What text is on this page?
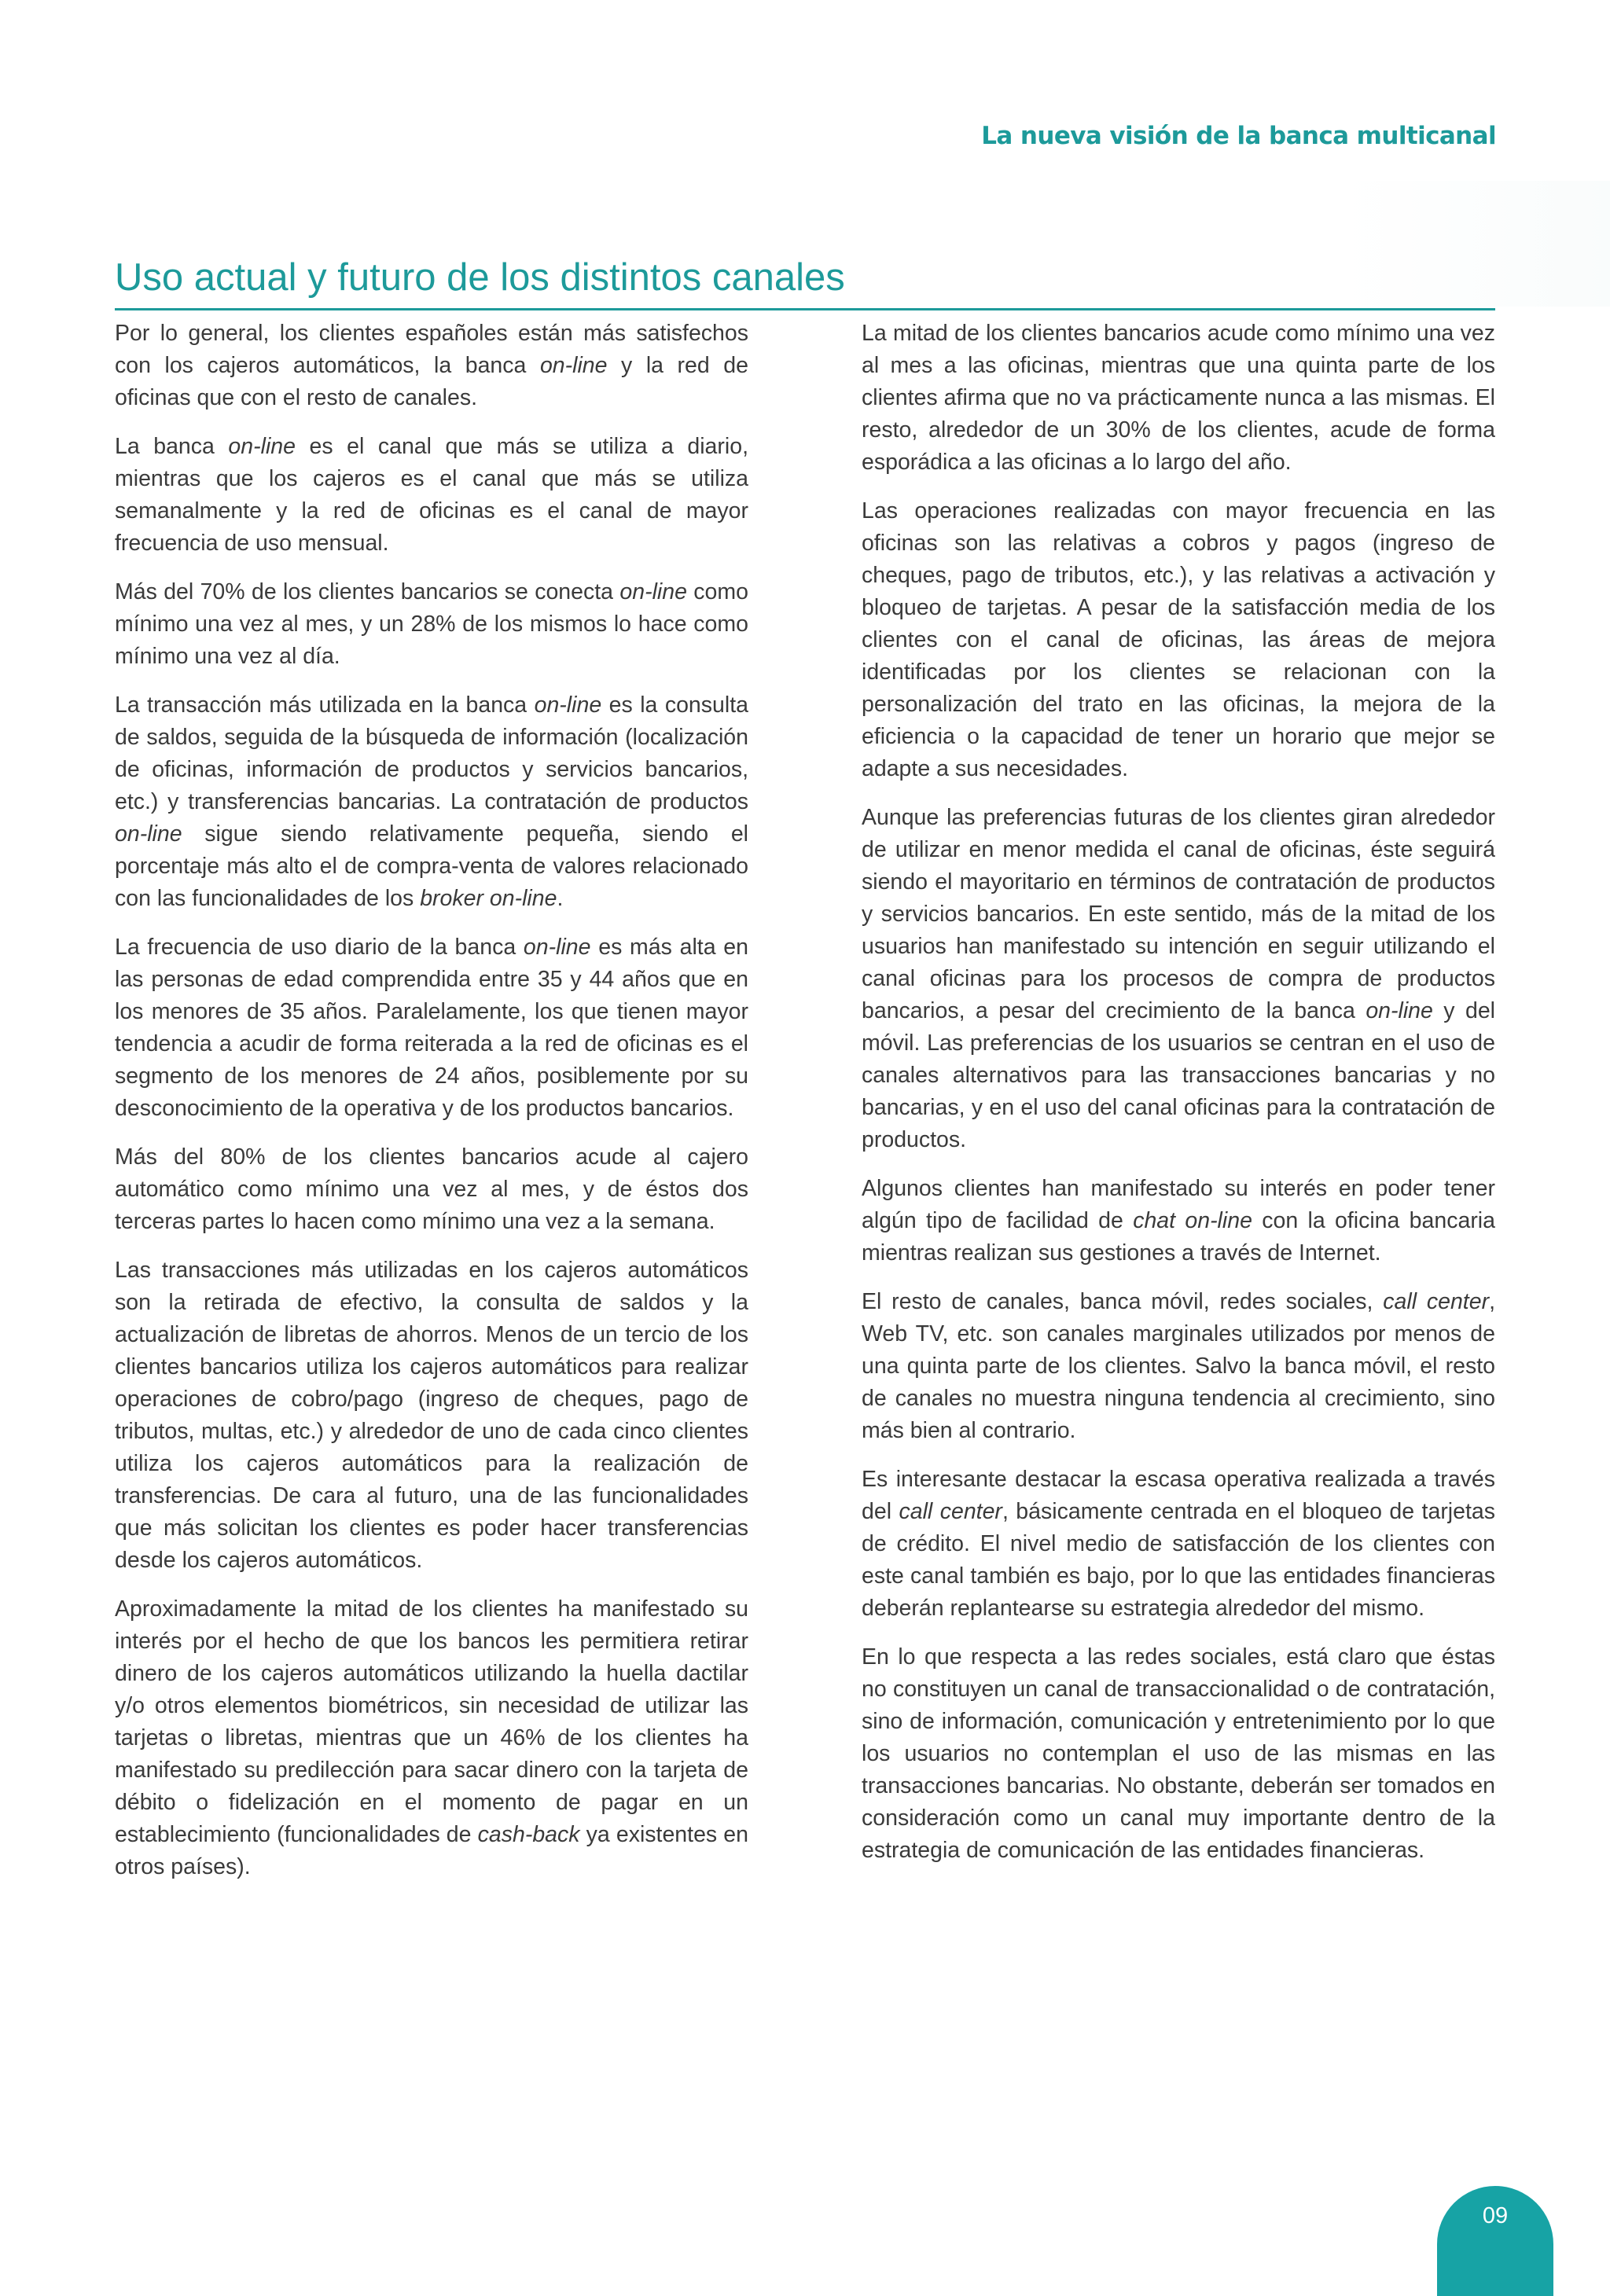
La nueva visión de la banca multicanal
Uso actual y futuro de los distintos canales

Por lo general, los clientes españoles están más satisfechos con los cajeros automáticos, la banca on-line y la red de oficinas que con el resto de canales.

La banca on-line es el canal que más se utiliza a diario, mientras que los cajeros es el canal que más se utiliza semanalmente y la red de oficinas es el canal de mayor frecuencia de uso mensual.

Más del 70% de los clientes bancarios se conecta on-line como mínimo una vez al mes, y un 28% de los mismos lo hace como mínimo una vez al día.

La transacción más utilizada en la banca on-line es la consulta de saldos, seguida de la búsqueda de información (localización de oficinas, información de productos y servicios bancarios, etc.) y transferencias bancarias. La contratación de productos on-line sigue siendo relativamente pequeña, siendo el porcentaje más alto el de compra-venta de valores relacionado con las funcionalidades de los broker on-line.

La frecuencia de uso diario de la banca on-line es más alta en las personas de edad comprendida entre 35 y 44 años que en los menores de 35 años. Paralelamente, los que tienen mayor tendencia a acudir de forma reiterada a la red de oficinas es el segmento de los menores de 24 años, posiblemente por su desconocimiento de la operativa y de los productos bancarios.

Más del 80% de los clientes bancarios acude al cajero automático como mínimo una vez al mes, y de éstos dos terceras partes lo hacen como mínimo una vez a la semana.

Las transacciones más utilizadas en los cajeros automáticos son la retirada de efectivo, la consulta de saldos y la actualización de libretas de ahorros. Menos de un tercio de los clientes bancarios utiliza los cajeros automáticos para realizar operaciones de cobro/pago (ingreso de cheques, pago de tributos, multas, etc.) y alrededor de uno de cada cinco clientes utiliza los cajeros automáticos para la realización de transferencias. De cara al futuro, una de las funcionalidades que más solicitan los clientes es poder hacer transferencias desde los cajeros automáticos.

Aproximadamente la mitad de los clientes ha manifestado su interés por el hecho de que los bancos les permitiera retirar dinero de los cajeros automáticos utilizando la huella dactilar y/o otros elementos biométricos, sin necesidad de utilizar las tarjetas o libretas, mientras que un 46% de los clientes ha manifestado su predilección para sacar dinero con la tarjeta de débito o fidelización en el momento de pagar en un establecimiento (funcionalidades de cash-back ya existentes en otros países).

La mitad de los clientes bancarios acude como mínimo una vez al mes a las oficinas, mientras que una quinta parte de los clientes afirma que no va prácticamente nunca a las mismas. El resto, alrededor de un 30% de los clientes, acude de forma esporádica a las oficinas a lo largo del año.

Las operaciones realizadas con mayor frecuencia en las oficinas son las relativas a cobros y pagos (ingreso de cheques, pago de tributos, etc.), y las relativas a activación y bloqueo de tarjetas. A pesar de la satisfacción media de los clientes con el canal de oficinas, las áreas de mejora identificadas por los clientes se relacionan con la personalización del trato en las oficinas, la mejora de la eficiencia o la capacidad de tener un horario que mejor se adapte a sus necesidades.

Aunque las preferencias futuras de los clientes giran alrededor de utilizar en menor medida el canal de oficinas, éste seguirá siendo el mayoritario en términos de contratación de productos y servicios bancarios. En este sentido, más de la mitad de los usuarios han manifestado su intención en seguir utilizando el canal oficinas para los procesos de compra de productos bancarios, a pesar del crecimiento de la banca on-line y del móvil. Las preferencias de los usuarios se centran en el uso de canales alternativos para las transacciones bancarias y no bancarias, y en el uso del canal oficinas para la contratación de productos.

Algunos clientes han manifestado su interés en poder tener algún tipo de facilidad de chat on-line con la oficina bancaria mientras realizan sus gestiones a través de Internet.

El resto de canales, banca móvil, redes sociales, call center, Web TV, etc. son canales marginales utilizados por menos de una quinta parte de los clientes. Salvo la banca móvil, el resto de canales no muestra ninguna tendencia al crecimiento, sino más bien al contrario.

Es interesante destacar la escasa operativa realizada a través del call center, básicamente centrada en el bloqueo de tarjetas de crédito. El nivel medio de satisfacción de los clientes con este canal también es bajo, por lo que las entidades financieras deberán replantearse su estrategia alrededor del mismo.

En lo que respecta a las redes sociales, está claro que éstas no constituyen un canal de transaccionalidad o de contratación, sino de información, comunicación y entretenimiento por lo que los usuarios no contemplan el uso de las mismas en las transacciones bancarias. No obstante, deberán ser tomados en consideración como un canal muy importante dentro de la estrategia de comunicación de las entidades financieras.

09
